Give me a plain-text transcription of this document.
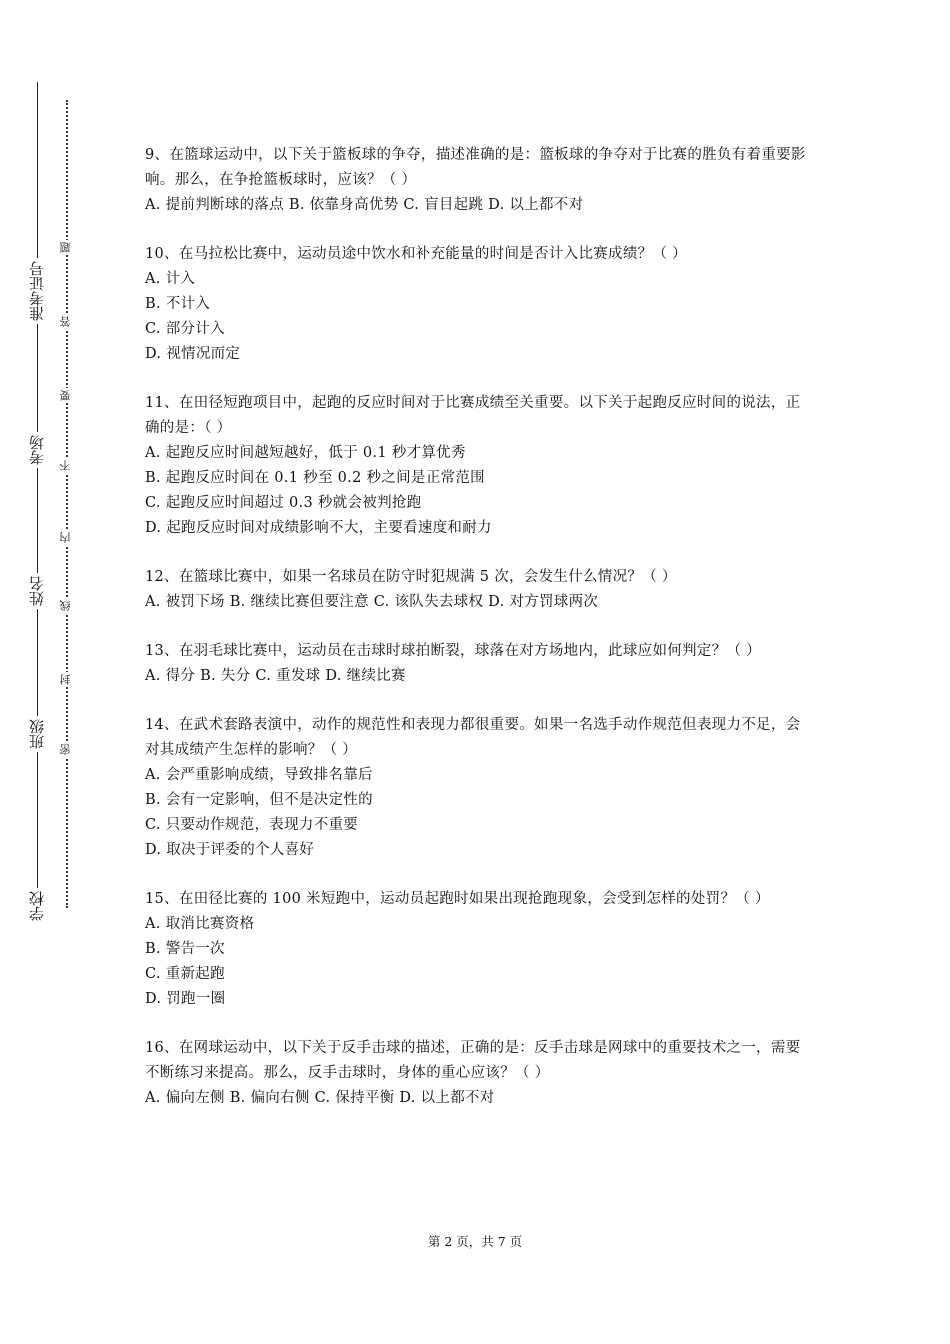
准考证号
考场
姓名
班级
学校
题
答
要
不
内
线
封
密
9、在篮球运动中，以下关于篮板球的争夺，描述准确的是：篮板球的争夺对于比赛的胜负有着重要影响。那么，在争抢篮板球时，应该？（ ）
A. 提前判断球的落点 B. 依靠身高优势 C. 盲目起跳 D. 以上都不对
10、在马拉松比赛中，运动员途中饮水和补充能量的时间是否计入比赛成绩？（ ）
A. 计入
B. 不计入
C. 部分计入
D. 视情况而定
11、在田径短跑项目中，起跑的反应时间对于比赛成绩至关重要。以下关于起跑反应时间的说法，正确的是：（ ）
A. 起跑反应时间越短越好，低于 0.1 秒才算优秀
B. 起跑反应时间在 0.1 秒至 0.2 秒之间是正常范围
C. 起跑反应时间超过 0.3 秒就会被判抢跑
D. 起跑反应时间对成绩影响不大，主要看速度和耐力
12、在篮球比赛中，如果一名球员在防守时犯规满 5 次，会发生什么情况？（ ）
A. 被罚下场 B. 继续比赛但要注意 C. 该队失去球权 D. 对方罚球两次
13、在羽毛球比赛中，运动员在击球时球拍断裂，球落在对方场地内，此球应如何判定？（ ）
A. 得分 B. 失分 C. 重发球 D. 继续比赛
14、在武术套路表演中，动作的规范性和表现力都很重要。如果一名选手动作规范但表现力不足，会对其成绩产生怎样的影响？（ ）
A. 会严重影响成绩，导致排名靠后
B. 会有一定影响，但不是决定性的
C. 只要动作规范，表现力不重要
D. 取决于评委的个人喜好
15、在田径比赛的 100 米短跑中，运动员起跑时如果出现抢跑现象，会受到怎样的处罚？（ ）
A. 取消比赛资格
B. 警告一次
C. 重新起跑
D. 罚跑一圈
16、在网球运动中，以下关于反手击球的描述，正确的是：反手击球是网球中的重要技术之一，需要不断练习来提高。那么，反手击球时，身体的重心应该？（ ）
A. 偏向左侧 B. 偏向右侧 C. 保持平衡 D. 以上都不对
第 2 页，共 7 页
